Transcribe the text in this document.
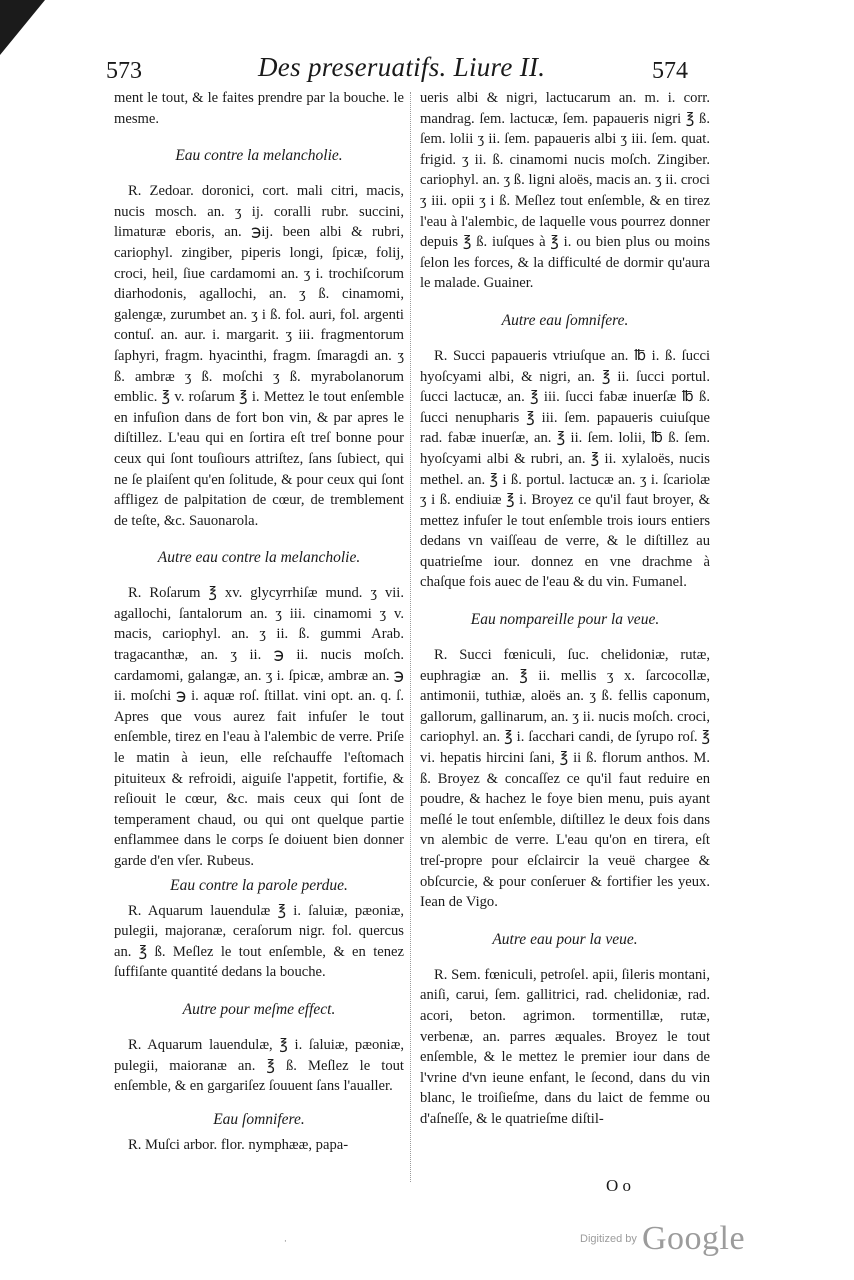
573	Des preseruatifs. Liure II.	574

ment le tout, & le faites prendre par la bouche. le mesme.

Eau contre la melancholie.

R. Zedoar. doronici, cort. mali citri, macis, nucis mosch. an. ʒ ij. coralli rubr. succini, limaturæ eboris, an. ℈ij. been albi & rubri, cariophyl. zingiber, piperis longi, ſpicæ, folij, croci, heil, ſiue cardamomi an. ʒ i. trochiſcorum diarhodonis, agallochi, an. ʒ ß. cinamomi, galengæ, zurumbet an. ʒ i ß. fol. auri, fol. argenti contuſ. an. aur. i. margarit. ʒ iii. fragmentorum ſaphyri, fragm. hyacinthi, fragm. ſmaragdi an. ʒ ß. ambræ ʒ ß. moſchi ʒ ß. myrabolanorum emblic. ℥ v. roſarum ℥ i. Mettez le tout enſemble en infuſion dans de fort bon vin, & par apres le diſtillez. L'eau qui en ſortira eſt treſ bonne pour ceux qui ſont touſiours attriſtez, ſans ſubiect, qui ne ſe plaiſent qu'en ſolitude, & pour ceux qui ſont affligez de palpitation de cœur, de tremblement de teſte, &c. Sauonarola.

Autre eau contre la melancholie.

R. Roſarum ℥ xv. glycyrrhiſæ mund. ʒ vii. agallochi, ſantalorum an. ʒ iii. cinamomi ʒ v. macis, cariophyl. an. ʒ ii. ß. gummi Arab. tragacanthæ, an. ʒ ii. ℈ ii. nucis moſch. cardamomi, galangæ, an. ʒ i. ſpicæ, ambræ an. ℈ ii. moſchi ℈ i. aquæ roſ. ſtillat. vini opt. an. q. ſ. Apres que vous aurez fait infuſer le tout enſemble, tirez en l'eau à l'alembic de verre. Priſe le matin à ieun, elle reſchauffe l'eſtomach pituiteux & refroidi, aiguiſe l'appetit, fortifie, & reſiouit le cœur, &c. mais ceux qui ſont de temperament chaud, ou qui ont quelque partie enflammee dans le corps ſe doiuent bien donner garde d'en vſer. Rubeus.

Eau contre la parole perdue.

R. Aquarum lauendulæ ℥ i. ſaluiæ, pæoniæ, pulegii, majoranæ, ceraſorum nigr. fol. quercus an. ℥ ß. Meſlez le tout enſemble, & en tenez ſuffiſante quantité dedans la bouche.

Autre pour meſme effect.

R. Aquarum lauendulæ, ℥ i. ſaluiæ, pæoniæ, pulegii, maioranæ an. ℥ ß. Meſlez le tout enſemble, & en gargariſez ſouuent ſans l'aualler.

Eau ſomnifere.

R. Muſci arbor. flor. nymphææ, papa-

ueris albi & nigri, lactucarum an. m. i. corr. mandrag. ſem. lactucæ, ſem. papaueris nigri ℥ ß. ſem. lolii ʒ ii. ſem. papaueris albi ʒ iii. ſem. quat. frigid. ʒ ii. ß. cinamomi nucis moſch. Zingiber. cariophyl. an. ʒ ß. ligni aloës, macis an. ʒ ii. croci ʒ iii. opii ʒ i ß. Meſlez tout enſemble, & en tirez l'eau à l'alembic, de laquelle vous pourrez donner depuis ℥ ß. iuſques à ℥ i. ou bien plus ou moins ſelon les forces, & la difficulté de dormir qu'aura le malade. Guainer.

Autre eau ſomnifere.

R. Succi papaueris vtriuſque an. ℔ i. ß. ſucci hyoſcyami albi, & nigri, an. ℥ ii. ſucci portul. ſucci lactucæ, an. ℥ iii. ſucci fabæ inuerſæ ℔ ß. ſucci nenupharis ℥ iii. ſem. papaueris cuiuſque rad. fabæ inuerſæ, an. ℥ ii. ſem. lolii, ℔ ß. ſem. hyoſcyami albi & rubri, an. ℥ ii. xylaloës, nucis methel. an. ℥ i ß. portul. lactucæ an. ʒ i. ſcariolæ ʒ i ß. endiuiæ ℥ i. Broyez ce qu'il faut broyer, & mettez infuſer le tout enſemble trois iours entiers dedans vn vaiſſeau de verre, & le diſtillez au quatrieſme iour. donnez en vne drachme à chaſque fois auec de l'eau & du vin. Fumanel.

Eau nompareille pour la veue.

R. Succi fœniculi, ſuc. chelidoniæ, rutæ, euphragiæ an. ℥ ii. mellis ʒ x. ſarcocollæ, antimonii, tuthiæ, aloës an. ʒ ß. fellis caponum, gallorum, gallinarum, an. ʒ ii. nucis moſch. croci, cariophyl. an. ℥ i. ſacchari candi, de ſyrupo roſ. ℥ vi. hepatis hircini ſani, ℥ ii ß. florum anthos. M. ß. Broyez & concaſſez ce qu'il faut reduire en poudre, & hachez le foye bien menu, puis ayant meſlé le tout enſemble, diſtillez le deux fois dans vn alembic de verre. L'eau qu'on en tirera, eſt treſ-propre pour eſclaircir la veuë chargee & obſcurcie, & pour conſeruer & fortifier les yeux. Iean de Vigo.

Autre eau pour la veue.

R. Sem. fœniculi, petroſel. apii, ſileris montani, aniſi, carui, ſem. gallitrici, rad. chelidoniæ, rad. acori, beton. agrimon. tormentillæ, rutæ, verbenæ, an. parres æquales. Broyez le tout enſemble, & le mettez le premier iour dans de l'vrine d'vn ieune enfant, le ſecond, dans du vin blanc, le troiſieſme, dans du laict de femme ou d'aſneſſe, & le quatrieſme diſtil-

O o
·	Digitized by Google
